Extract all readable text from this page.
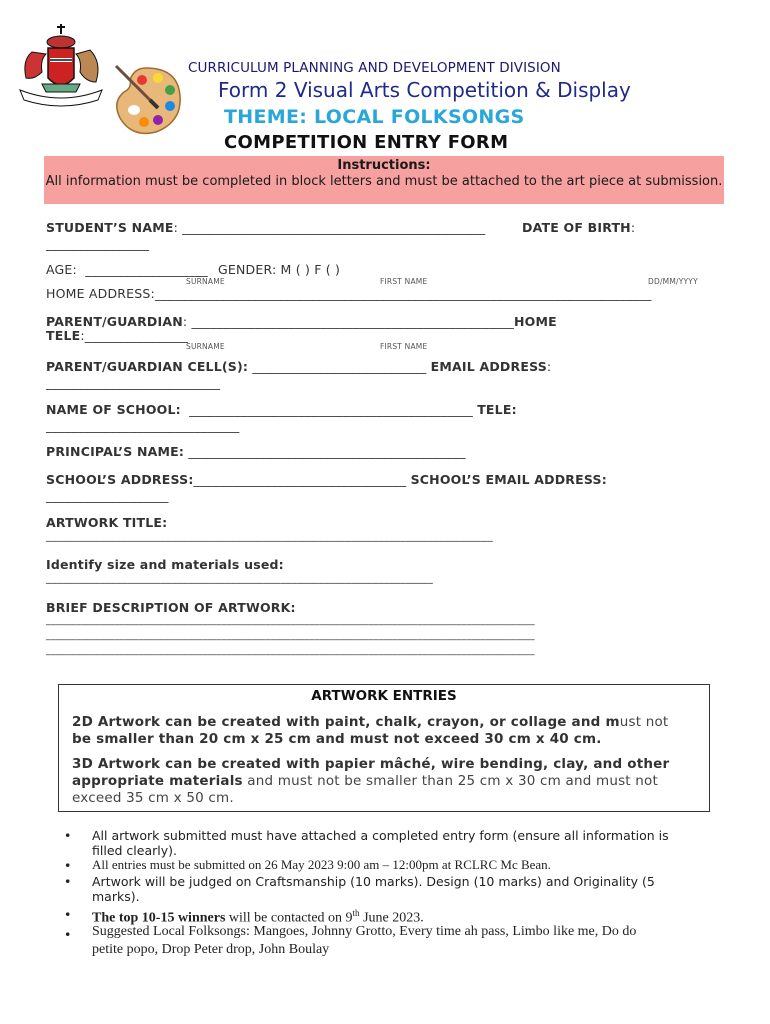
CURRICULUM PLANNING AND DEVELOPMENT DIVISION
Form 2 Visual Arts Competition & Display
THEME: LOCAL FOLKSONGS
COMPETITION ENTRY FORM
Instructions:
All information must be completed in block letters and must be attached to the art piece at submission.
STUDENT’S NAME: _______________________________________________	DATE OF BIRTH:
________________
AGE: ___________________ GENDER: M ( ) F ( )
SURNAME	FIRST NAME	DD/MM/YYYY
HOME ADDRESS:_____________________________________________________________________________
PARENT/GUARDIAN: __________________________________________________HOME
TELE:________________
SURNAME	FIRST NAME
PARENT/GUARDIAN CELL(S): ___________________________ EMAIL ADDRESS:
___________________________
NAME OF SCHOOL: ____________________________________________ TELE:
______________________________
PRINCIPAL’S NAME: ___________________________________________
SCHOOL’S ADDRESS:_________________________________ SCHOOL’S EMAIL ADDRESS:
___________________
ARTWORK TITLE:
__________________________________________________________________________________
Identify size and materials used:
_______________________________________________________________________
BRIEF DESCRIPTION OF ARTWORK:
____________________________________________________________________________________________________
____________________________________________________________________________________________________
____________________________________________________________________________________________________
ARTWORK ENTRIES
2D Artwork can be created with paint, chalk, crayon, or collage and must not
be smaller than 20 cm x 25 cm and must not exceed 30 cm x 40 cm.
3D Artwork can be created with papier mâché, wire bending, clay, and other
appropriate materials and must not be smaller than 25 cm x 30 cm and must not
exceed 35 cm x 50 cm.
• All artwork submitted must have attached a completed entry form (ensure all information is
filled clearly).
• All entries must be submitted on 26 May 2023 9:00 am – 12:00pm at RCLRC Mc Bean.
• Artwork will be judged on Craftsmanship (10 marks). Design (10 marks) and Originality (5
marks).
• The top 10-15 winners will be contacted on 9th June 2023.
• Suggested Local Folksongs: Mangoes, Johnny Grotto, Every time ah pass, Limbo like me, Do do
petite popo, Drop Peter drop, John Boulay
